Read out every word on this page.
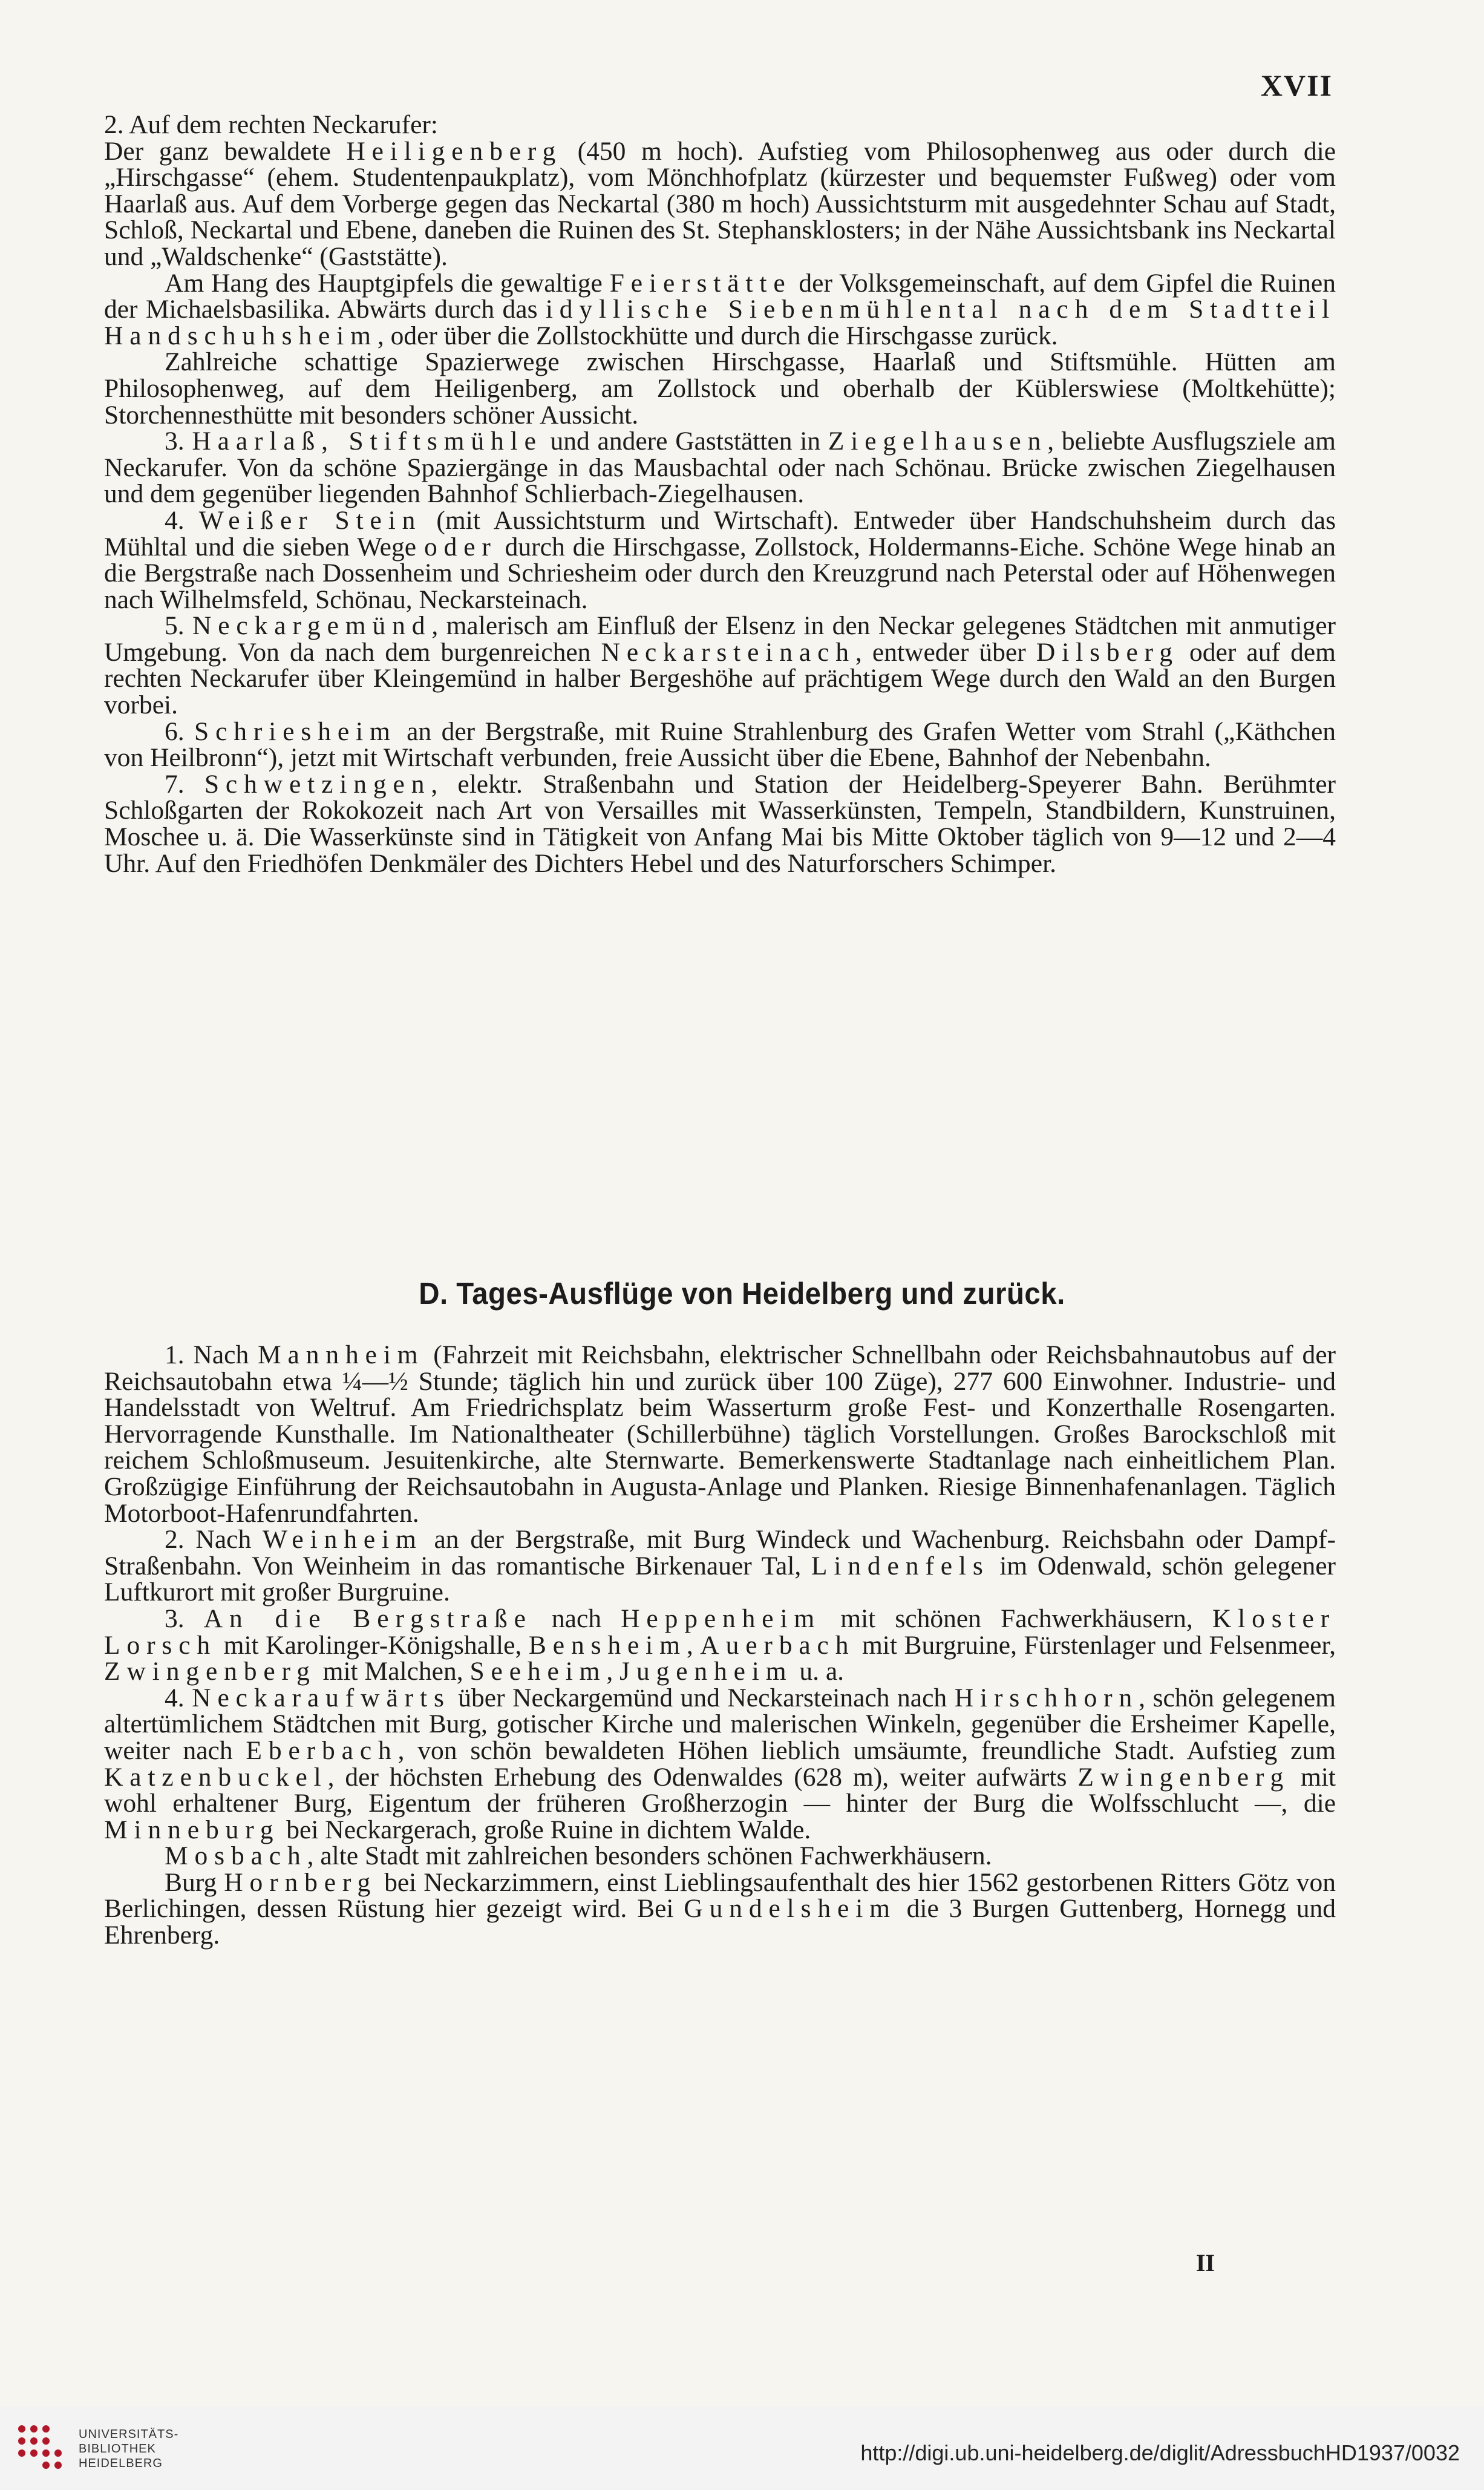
XVII

2. Auf dem rechten Neckarufer:

Der ganz bewaldete Heiligenberg (450 m hoch). Aufstieg vom Philosophenweg aus oder durch die „Hirschgasse“ (ehem. Studentenpaukplatz), vom Mönchhofplatz (kürzester und bequemster Fußweg) oder vom Haarlaß aus. Auf dem Vorberge gegen das Neckartal (380 m hoch) Aussichtsturm mit ausgedehnter Schau auf Stadt, Schloß, Neckartal und Ebene, daneben die Ruinen des St. Stephansklosters; in der Nähe Aussichtsbank ins Neckartal und „Waldschenke“ (Gaststätte).

Am Hang des Hauptgipfels die gewaltige Feierstätte der Volksgemeinschaft, auf dem Gipfel die Ruinen der Michaelsbasilika. Abwärts durch das idyllische Siebenmühlental nach dem Stadtteil Handschuhsheim, oder über die Zollstockhütte und durch die Hirschgasse zurück.

Zahlreiche schattige Spazierwege zwischen Hirschgasse, Haarlaß und Stiftsmühle. Hütten am Philosophenweg, auf dem Heiligenberg, am Zollstock und oberhalb der Küblerswiese (Moltkehütte); Storchennesthütte mit besonders schöner Aussicht.

3. Haarlaß, Stiftsmühle und andere Gaststätten in Ziegelhausen, beliebte Ausflugsziele am Neckarufer. Von da schöne Spaziergänge in das Mausbachtal oder nach Schönau. Brücke zwischen Ziegelhausen und dem gegenüber liegenden Bahnhof Schlierbach-Ziegelhausen.

4. Weißer Stein (mit Aussichtsturm und Wirtschaft). Entweder über Handschuhsheim durch das Mühltal und die sieben Wege oder durch die Hirschgasse, Zollstock, Holdermanns-Eiche. Schöne Wege hinab an die Bergstraße nach Dossenheim und Schriesheim oder durch den Kreuzgrund nach Peterstal oder auf Höhenwegen nach Wilhelmsfeld, Schönau, Neckarsteinach.

5. Neckargemünd, malerisch am Einfluß der Elsenz in den Neckar gelegenes Städtchen mit anmutiger Umgebung. Von da nach dem burgenreichen Neckarsteinach, entweder über Dilsberg oder auf dem rechten Neckarufer über Kleingemünd in halber Bergeshöhe auf prächtigem Wege durch den Wald an den Burgen vorbei.

6. Schriesheim an der Bergstraße, mit Ruine Strahlenburg des Grafen Wetter vom Strahl („Käthchen von Heilbronn“), jetzt mit Wirtschaft verbunden, freie Aussicht über die Ebene, Bahnhof der Nebenbahn.

7. Schwetzingen, elektr. Straßenbahn und Station der Heidelberg-Speyerer Bahn. Berühmter Schloßgarten der Rokokozeit nach Art von Versailles mit Wasserkünsten, Tempeln, Standbildern, Kunstruinen, Moschee u. ä. Die Wasserkünste sind in Tätigkeit von Anfang Mai bis Mitte Oktober täglich von 9—12 und 2—4 Uhr. Auf den Friedhöfen Denkmäler des Dichters Hebel und des Naturforschers Schimper.

D. Tages-Ausflüge von Heidelberg und zurück.

1. Nach Mannheim (Fahrzeit mit Reichsbahn, elektrischer Schnellbahn oder Reichsbahnautobus auf der Reichsautobahn etwa ¼—½ Stunde; täglich hin und zurück über 100 Züge), 277 600 Einwohner. Industrie- und Handelsstadt von Weltruf. Am Friedrichsplatz beim Wasserturm große Fest- und Konzerthalle Rosengarten. Hervorragende Kunsthalle. Im Nationaltheater (Schillerbühne) täglich Vorstellungen. Großes Barockschloß mit reichem Schloßmuseum. Jesuitenkirche, alte Sternwarte. Bemerkenswerte Stadtanlage nach einheitlichem Plan. Großzügige Einführung der Reichsautobahn in Augusta-Anlage und Planken. Riesige Binnenhafenanlagen. Täglich Motorboot-Hafenrundfahrten.

2. Nach Weinheim an der Bergstraße, mit Burg Windeck und Wachenburg. Reichsbahn oder Dampf-Straßenbahn. Von Weinheim in das romantische Birkenauer Tal, Lindenfels im Odenwald, schön gelegener Luftkurort mit großer Burgruine.

3. An die Bergstraße nach Heppenheim mit schönen Fachwerkhäusern, Kloster Lorsch mit Karolinger-Königshalle, Bensheim, Auerbach mit Burgruine, Fürstenlager und Felsenmeer, Zwingenberg mit Malchen, Seeheim, Jugenheim u. a.

4. Neckaraufwärts über Neckargemünd und Neckarsteinach nach Hirschhorn, schön gelegenem altertümlichem Städtchen mit Burg, gotischer Kirche und malerischen Winkeln, gegenüber die Ersheimer Kapelle, weiter nach Eberbach, von schön bewaldeten Höhen lieblich umsäumte, freundliche Stadt. Aufstieg zum Katzenbuckel, der höchsten Erhebung des Odenwaldes (628 m), weiter aufwärts Zwingenberg mit wohl erhaltener Burg, Eigentum der früheren Großherzogin — hinter der Burg die Wolfsschlucht —, die Minneburg bei Neckargerach, große Ruine in dichtem Walde.

Mosbach, alte Stadt mit zahlreichen besonders schönen Fachwerkhäusern.

Burg Hornberg bei Neckarzimmern, einst Lieblingsaufenthalt des hier 1562 gestorbenen Ritters Götz von Berlichingen, dessen Rüstung hier gezeigt wird. Bei Gundelsheim die 3 Burgen Guttenberg, Hornegg und Ehrenberg.

II
UNIVERSITÄTS-
BIBLIOTHEK
HEIDELBERG	http://digi.ub.uni-heidelberg.de/diglit/AdressbuchHD1937/0032
